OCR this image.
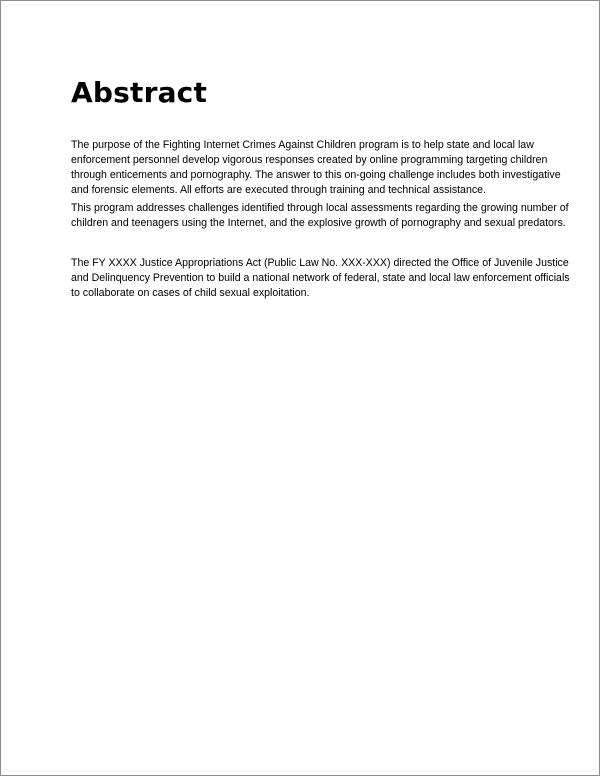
Abstract

The purpose of the Fighting Internet Crimes Against Children program is to help state and local law
enforcement personnel develop vigorous responses created by online programming targeting children
through enticements and pornography. The answer to this on-going challenge includes both investigative
and forensic elements. All efforts are executed through training and technical assistance.

This program addresses challenges identified through local assessments regarding the growing number of
children and teenagers using the Internet, and the explosive growth of pornography and sexual predators.

The FY XXXX Justice Appropriations Act (Public Law No. XXX-XXX) directed the Office of Juvenile Justice
and Delinquency Prevention to build a national network of federal, state and local law enforcement officials
to collaborate on cases of child sexual exploitation.
